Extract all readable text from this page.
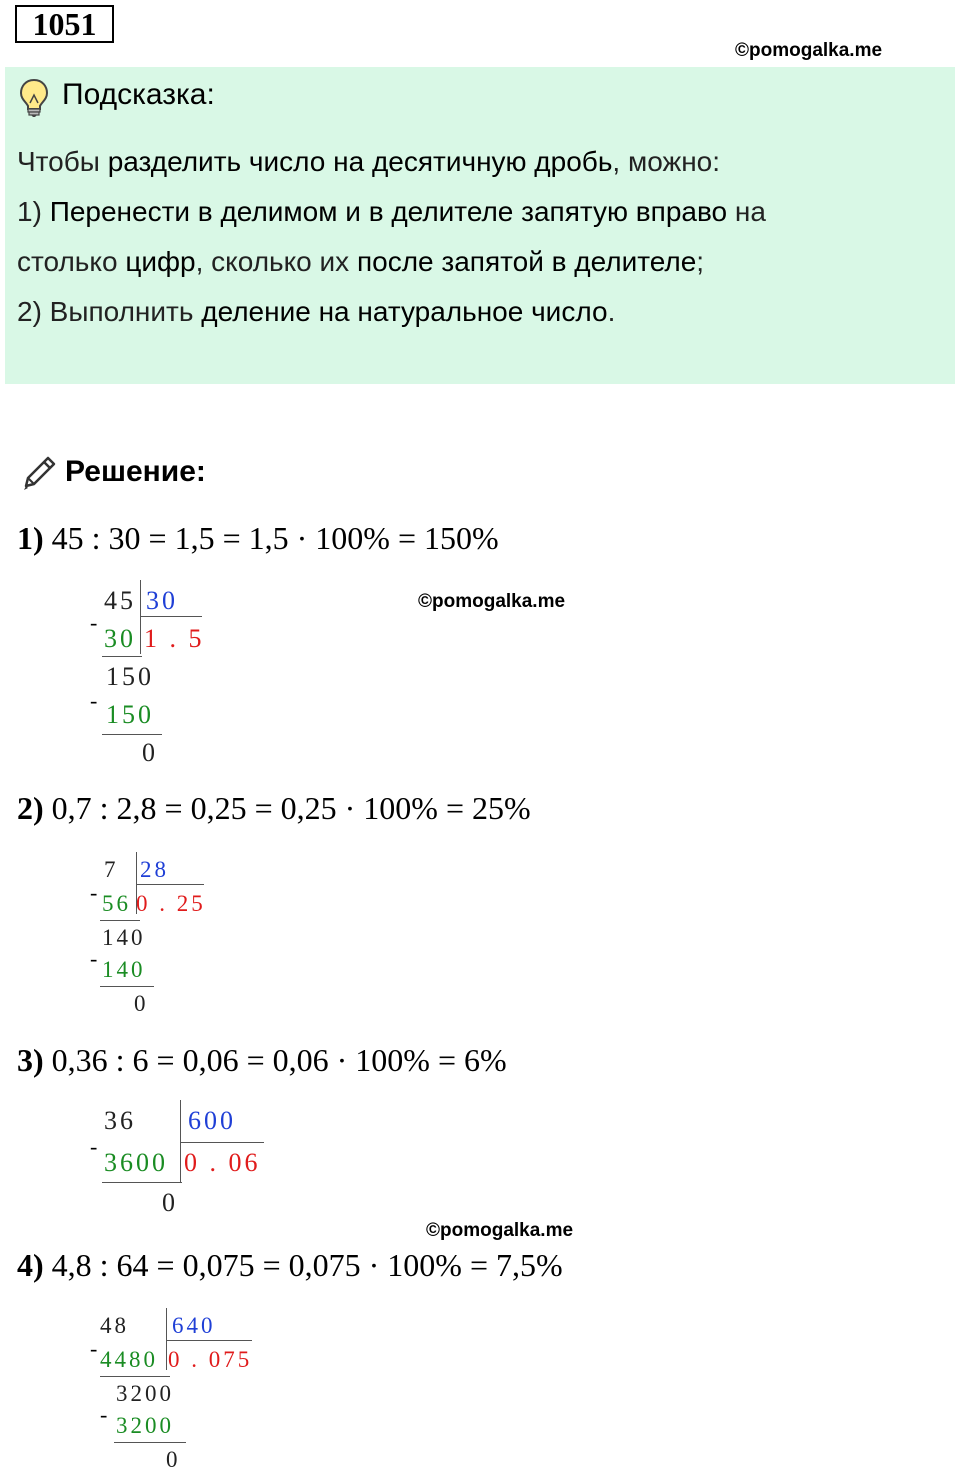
1051
©pomogalka.me
Подсказка:
Чтобы разделить число на десятичную дробь, можно:
1) Перенести в делимом и в делителе запятую вправо на
столько цифр, сколько их после запятой в делителе;
2) Выполнить деление на натуральное число.
Решение:
1) 45 : 30 = 1,5 = 1,5 · 100% = 150%
45 30
-
30 1 . 5
150
- 150
0
©pomogalka.me
2) 0,7 : 2,8 = 0,25 = 0,25 · 100% = 25%
7 28
- 56 0 . 25
140
- 140
0
3) 0,36 : 6 = 0,06 = 0,06 · 100% = 6%
36 600
-
3600 0 . 06
0
©pomogalka.me
4) 4,8 : 64 = 0,075 = 0,075 · 100% = 7,5%
48 640
- 4480 0 . 075
3200
- 3200
0
